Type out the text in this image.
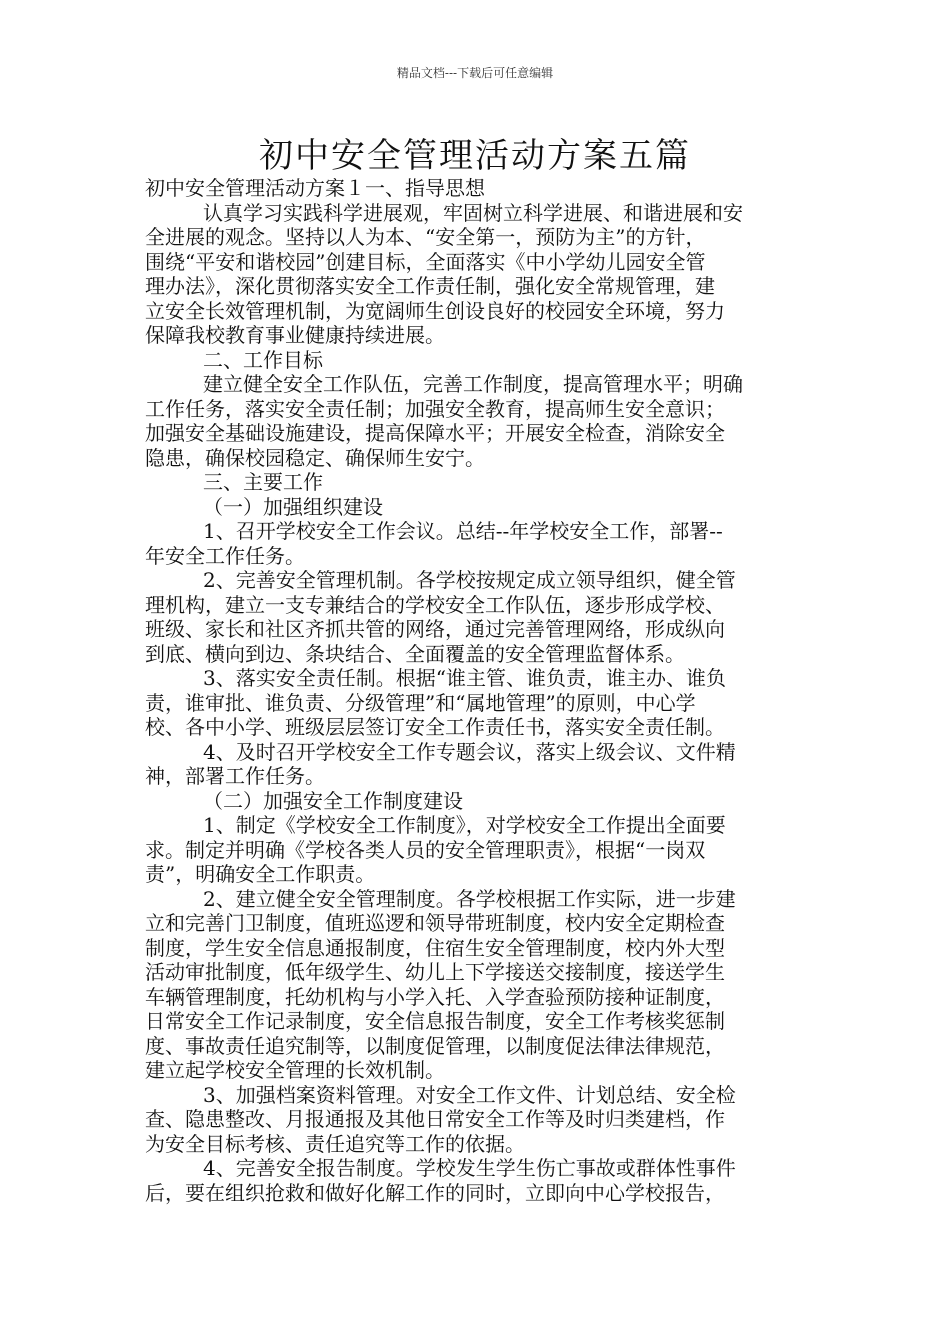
精品文档---下载后可任意编辑
初中安全管理活动方案五篇
初中安全管理活动方案１一、指导思想
认真学习实践科学进展观，牢固树立科学进展、和谐进展和安
全进展的观念。坚持以人为本、“安全第一，预防为主”的方针，
围绕“平安和谐校园”创建目标，全面落实《中小学幼儿园安全管
理办法》，深化贯彻落实安全工作责任制，强化安全常规管理，建
立安全长效管理机制，为宽阔师生创设良好的校园安全环境，努力
保障我校教育事业健康持续进展。
二、工作目标
建立健全安全工作队伍，完善工作制度，提高管理水平；明确
工作任务，落实安全责任制；加强安全教育，提高师生安全意识；
加强安全基础设施建设，提高保障水平；开展安全检查，消除安全
隐患，确保校园稳定、确保师生安宁。
三、主要工作
（一）加强组织建设
1、召开学校安全工作会议。总结--年学校安全工作，部署--
年安全工作任务。
2、完善安全管理机制。各学校按规定成立领导组织，健全管
理机构，建立一支专兼结合的学校安全工作队伍，逐步形成学校、
班级、家长和社区齐抓共管的网络，通过完善管理网络，形成纵向
到底、横向到边、条块结合、全面覆盖的安全管理监督体系。
3、落实安全责任制。根据“谁主管、谁负责，谁主办、谁负
责，谁审批、谁负责、分级管理”和“属地管理”的原则，中心学
校、各中小学、班级层层签订安全工作责任书，落实安全责任制。
4、及时召开学校安全工作专题会议，落实上级会议、文件精
神，部署工作任务。
（二）加强安全工作制度建设
1、制定《学校安全工作制度》，对学校安全工作提出全面要
求。制定并明确《学校各类人员的安全管理职责》，根据“一岗双
责”，明确安全工作职责。
2、建立健全安全管理制度。各学校根据工作实际，进一步建
立和完善门卫制度，值班巡逻和领导带班制度，校内安全定期检查
制度，学生安全信息通报制度，住宿生安全管理制度，校内外大型
活动审批制度，低年级学生、幼儿上下学接送交接制度，接送学生
车辆管理制度，托幼机构与小学入托、入学查验预防接种证制度，
日常安全工作记录制度，安全信息报告制度，安全工作考核奖惩制
度、事故责任追究制等，以制度促管理，以制度促法律法律规范，
建立起学校安全管理的长效机制。
3、加强档案资料管理。对安全工作文件、计划总结、安全检
查、隐患整改、月报通报及其他日常安全工作等及时归类建档，作
为安全目标考核、责任追究等工作的依据。
4、完善安全报告制度。学校发生学生伤亡事故或群体性事件
后，要在组织抢救和做好化解工作的同时，立即向中心学校报告，
